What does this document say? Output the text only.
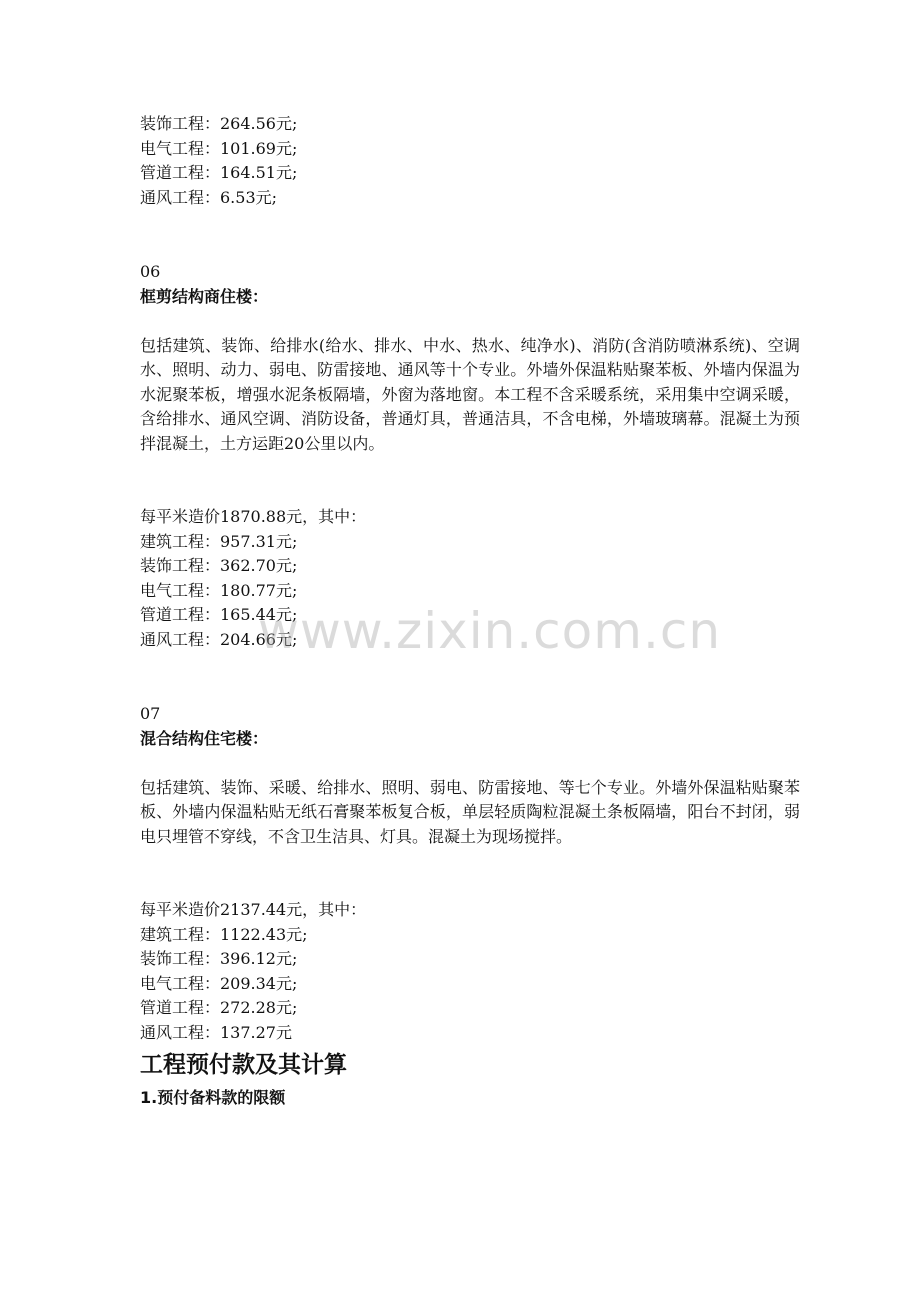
装饰工程：264.56元;

电气工程：101.69元;

管道工程：164.51元;

通风工程：6.53元;

06

框剪结构商住楼：

包括建筑、装饰、给排水(给水、排水、中水、热水、纯净水)、消防(含消防喷淋系统)、空调水、照明、动力、弱电、防雷接地、通风等十个专业。外墙外保温粘贴聚苯板、外墙内保温为水泥聚苯板，增强水泥条板隔墙，外窗为落地窗。本工程不含采暖系统，采用集中空调采暖，含给排水、通风空调、消防设备，普通灯具，普通洁具，不含电梯，外墙玻璃幕。混凝土为预拌混凝土，土方运距20公里以内。

每平米造价1870.88元，其中：

建筑工程：957.31元;

装饰工程：362.70元;

电气工程：180.77元;

管道工程：165.44元;

通风工程：204.66元;

07

混合结构住宅楼：

包括建筑、装饰、采暖、给排水、照明、弱电、防雷接地、等七个专业。外墙外保温粘贴聚苯板、外墙内保温粘贴无纸石膏聚苯板复合板，单层轻质陶粒混凝土条板隔墙，阳台不封闭，弱电只埋管不穿线，不含卫生洁具、灯具。混凝土为现场搅拌。

每平米造价2137.44元，其中：

建筑工程：1122.43元;

装饰工程：396.12元;

电气工程：209.34元;

管道工程：272.28元;

通风工程：137.27元

工程预付款及其计算
1.预付备料款的限额
www.zixin.com.cn
